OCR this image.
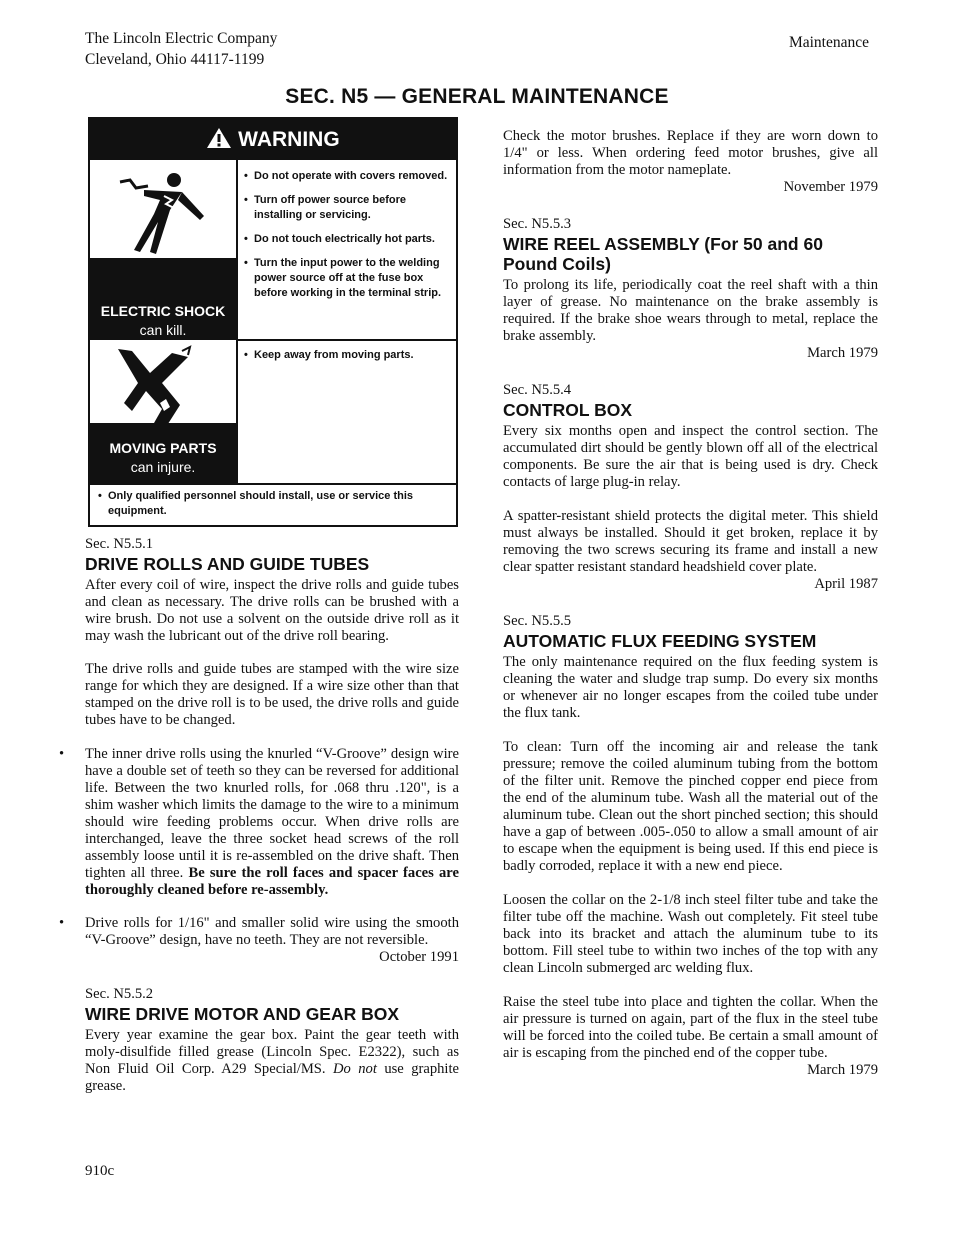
The Lincoln Electric Company
Cleveland, Ohio 44117-1199
Maintenance
SEC. N5 — GENERAL MAINTENANCE
WARNING
ELECTRIC SHOCK
can kill.
• Do not operate with covers removed.
• Turn off power source before installing or servicing.
• Do not touch electrically hot parts.
• Turn the input power to the welding power source off at the fuse box before working in the terminal strip.
MOVING PARTS
can injure.
• Keep away from moving parts.
• Only qualified personnel should install, use or service this equipment.
Sec. N5.5.1
DRIVE ROLLS AND GUIDE TUBES

After every coil of wire, inspect the drive rolls and guide tubes and clean as necessary. The drive rolls can be brushed with a wire brush. Do not use a solvent on the outside drive roll as it may wash the lubricant out of the drive roll bearing.

The drive rolls and guide tubes are stamped with the wire size range for which they are designed. If a wire size other than that stamped on the drive roll is to be used, the drive rolls and guide tubes have to be changed.

• The inner drive rolls using the knurled “V-Groove” design wire have a double set of teeth so they can be reversed for additional life. Between the two knurled rolls, for .068 thru .120", is a shim washer which limits the damage to the wire to a minimum should wire feeding problems occur. When drive rolls are interchanged, leave the three socket head screws of the roll assembly loose until it is re-assembled on the drive shaft. Then tighten all three. Be sure the roll faces and spacer faces are thoroughly cleaned before re-assembly.

• Drive rolls for 1/16" and smaller solid wire using the smooth “V-Groove” design, have no teeth. They are not reversible.

October 1991
Sec. N5.5.2
WIRE DRIVE MOTOR AND GEAR BOX

Every year examine the gear box. Paint the gear teeth with moly-disulfide filled grease (Lincoln Spec. E2322), such as Non Fluid Oil Corp. A29 Special/MS. Do not use graphite grease.

910c

Check the motor brushes. Replace if they are worn down to 1/4" or less. When ordering feed motor brushes, give all information from the motor nameplate.

November 1979
Sec. N5.5.3
WIRE REEL ASSEMBLY (For 50 and 60 Pound Coils)

To prolong its life, periodically coat the reel shaft with a thin layer of grease. No maintenance on the brake assembly is required. If the brake shoe wears through to metal, replace the brake assembly.

March 1979
Sec. N5.5.4
CONTROL BOX

Every six months open and inspect the control section. The accumulated dirt should be gently blown off all of the electrical components. Be sure the air that is being used is dry. Check contacts of large plug-in relay.

A spatter-resistant shield protects the digital meter. This shield must always be installed. Should it get broken, replace it by removing the two screws securing its frame and install a new clear spatter resistant standard headshield cover plate.

April 1987
Sec. N5.5.5
AUTOMATIC FLUX FEEDING SYSTEM

The only maintenance required on the flux feeding system is cleaning the water and sludge trap sump. Do every six months or whenever air no longer escapes from the coiled tube under the flux tank.

To clean: Turn off the incoming air and release the tank pressure; remove the coiled aluminum tubing from the bottom of the filter unit. Remove the pinched copper end piece from the end of the aluminum tube. Wash all the material out of the aluminum tube. Clean out the short pinched section; this should have a gap of between .005-.050 to allow a small amount of air to escape when the equipment is being used. If this end piece is badly corroded, replace it with a new end piece.

Loosen the collar on the 2-1/8 inch steel filter tube and take the filter tube off the machine. Wash out completely. Fit steel tube back into its bracket and attach the aluminum tube to its bottom. Fill steel tube to within two inches of the top with any clean Lincoln submerged arc welding flux.

Raise the steel tube into place and tighten the collar. When the air pressure is turned on again, part of the flux in the steel tube will be forced into the coiled tube. Be certain a small amount of air is escaping from the pinched end of the copper tube.

March 1979
